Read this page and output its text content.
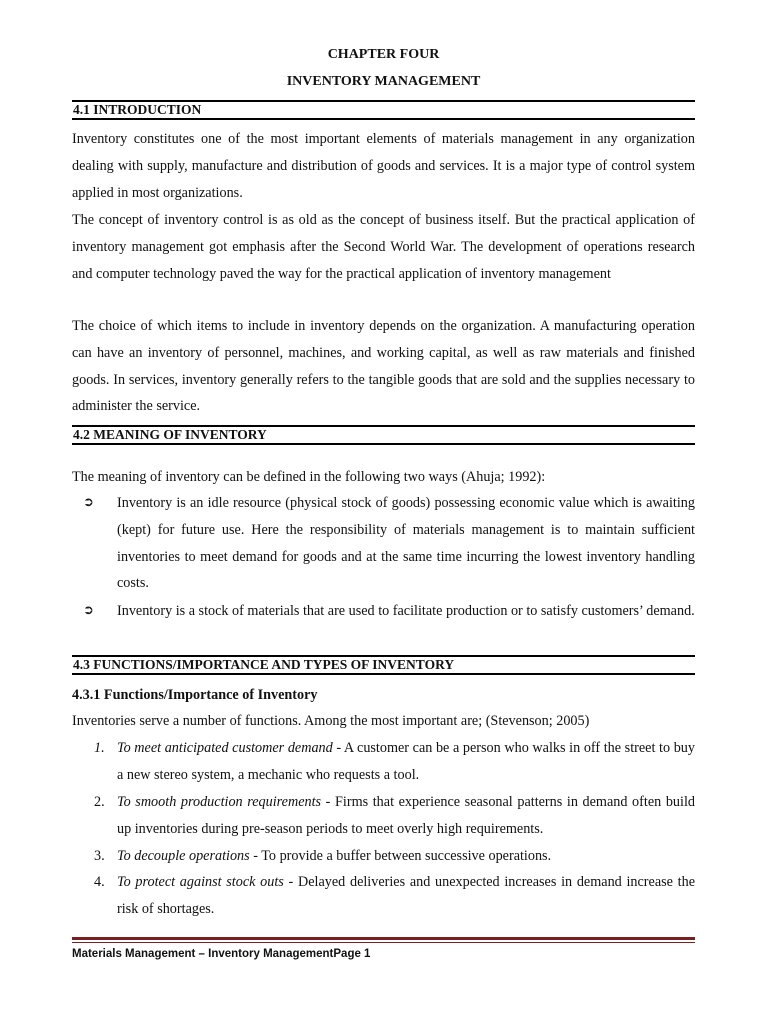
CHAPTER FOUR
INVENTORY MANAGEMENT
4.1 INTRODUCTION

Inventory constitutes one of the most important elements of materials management in any organization dealing with supply, manufacture and distribution of goods and services. It is a major type of control system applied in most organizations.

The concept of inventory control is as old as the concept of business itself. But the practical application of inventory management got emphasis after the Second World War. The development of operations research and computer technology paved the way for the practical application of inventory management

The choice of which items to include in inventory depends on the organization. A manufacturing operation can have an inventory of personnel, machines, and working capital, as well as raw materials and finished goods. In services, inventory generally refers to the tangible goods that are sold and the supplies necessary to administer the service.

4.2 MEANING OF INVENTORY

The meaning of inventory can be defined in the following two ways (Ahuja; 1992):

➲ Inventory is an idle resource (physical stock of goods) possessing economic value which is awaiting (kept) for future use. Here the responsibility of materials management is to maintain sufficient inventories to meet demand for goods and at the same time incurring the lowest inventory handling costs.
➲ Inventory is a stock of materials that are used to facilitate production or to satisfy customers’ demand.
4.3 FUNCTIONS/IMPORTANCE AND TYPES OF INVENTORY
4.3.1 Functions/Importance of Inventory

Inventories serve a number of functions. Among the most important are; (Stevenson; 2005)

1. To meet anticipated customer demand - A customer can be a person who walks in off the street to buy a new stereo system, a mechanic who requests a tool.
2. To smooth production requirements - Firms that experience seasonal patterns in demand often build up inventories during pre-season periods to meet overly high requirements.
3. To decouple operations - To provide a buffer between successive operations.
4. To protect against stock outs - Delayed deliveries and unexpected increases in demand increase the risk of shortages.
Materials Management – Inventory ManagementPage 1
